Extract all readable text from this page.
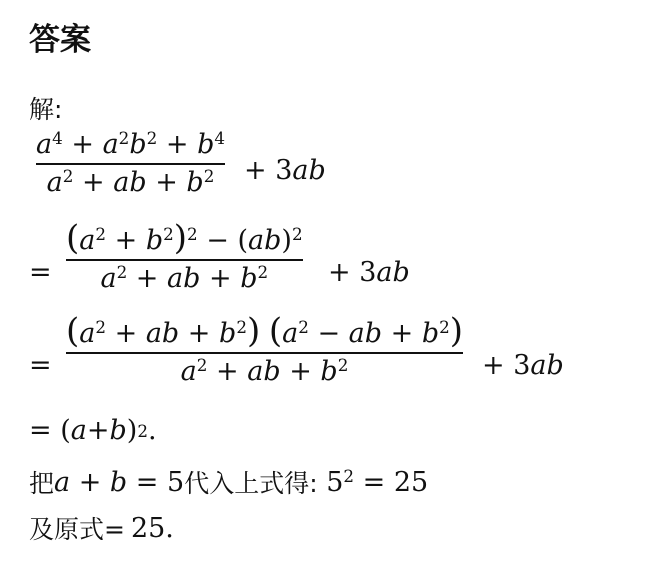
答案
解:
$a^4 + a^2b^2 + b^4$
$a^2$ + ab + $b^2 + 3$ ab
=
$(a^2 + b^2)^2 - (ab)^2$
$a^2$ + ab + $b^2 + 3$ ab
=
($a^2$ + ab + $b^2$) ($a^2$ − ab + $b^2$)
$a^2$ + ab + $b^2$	+ 3 ab
= ( a + b ) 2 .
把 a + b = 5 代入上式得: $5^2 = 25$
及原式= 25.
